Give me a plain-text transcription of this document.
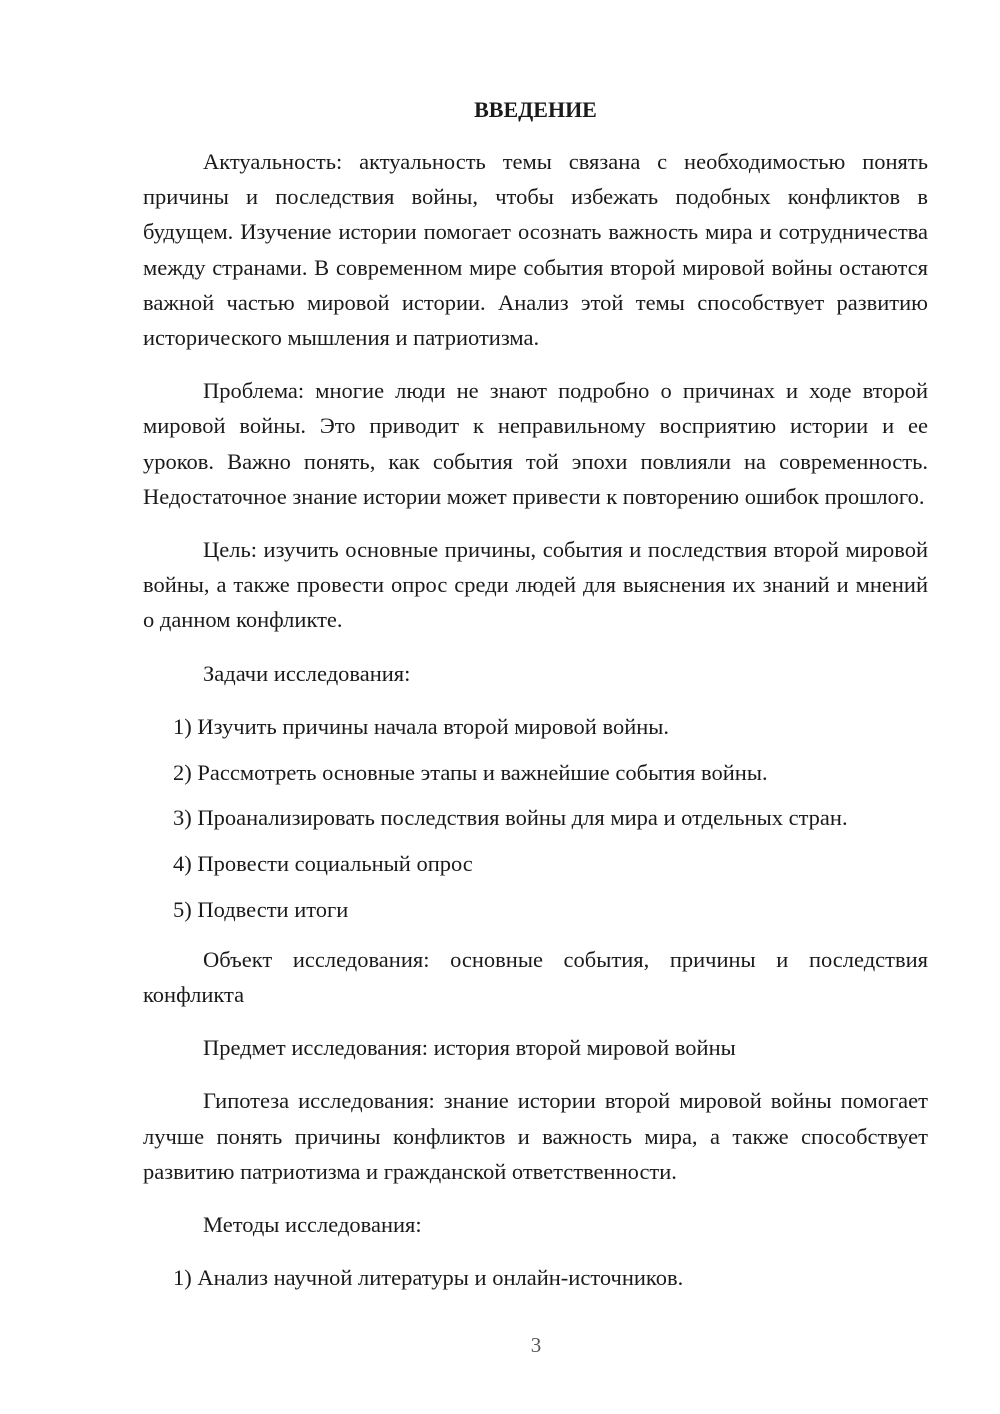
ВВЕДЕНИЕ

Актуальность: актуальность темы связана с необходимостью понять причины и последствия войны, чтобы избежать подобных конфликтов в будущем. Изучение истории помогает осознать важность мира и сотрудничества между странами. В современном мире события второй мировой войны остаются важной частью мировой истории. Анализ этой темы способствует развитию исторического мышления и патриотизма.

Проблема: многие люди не знают подробно о причинах и ходе второй мировой войны. Это приводит к неправильному восприятию истории и ее уроков. Важно понять, как события той эпохи повлияли на современность. Недостаточное знание истории может привести к повторению ошибок прошлого.

Цель: изучить основные причины, события и последствия второй мировой войны, а также провести опрос среди людей для выяснения их знаний и мнений о данном конфликте.

Задачи исследования:

1) Изучить причины начала второй мировой войны.
2) Рассмотреть основные этапы и важнейшие события войны.
3) Проанализировать последствия войны для мира и отдельных стран.
4) Провести социальный опрос
5) Подвести итоги

Объект исследования: основные события, причины и последствия конфликта

Предмет исследования: история второй мировой войны

Гипотеза исследования: знание истории второй мировой войны помогает лучше понять причины конфликтов и важность мира, а также способствует развитию патриотизма и гражданской ответственности.

Методы исследования:

1) Анализ научной литературы и онлайн-источников.
3
